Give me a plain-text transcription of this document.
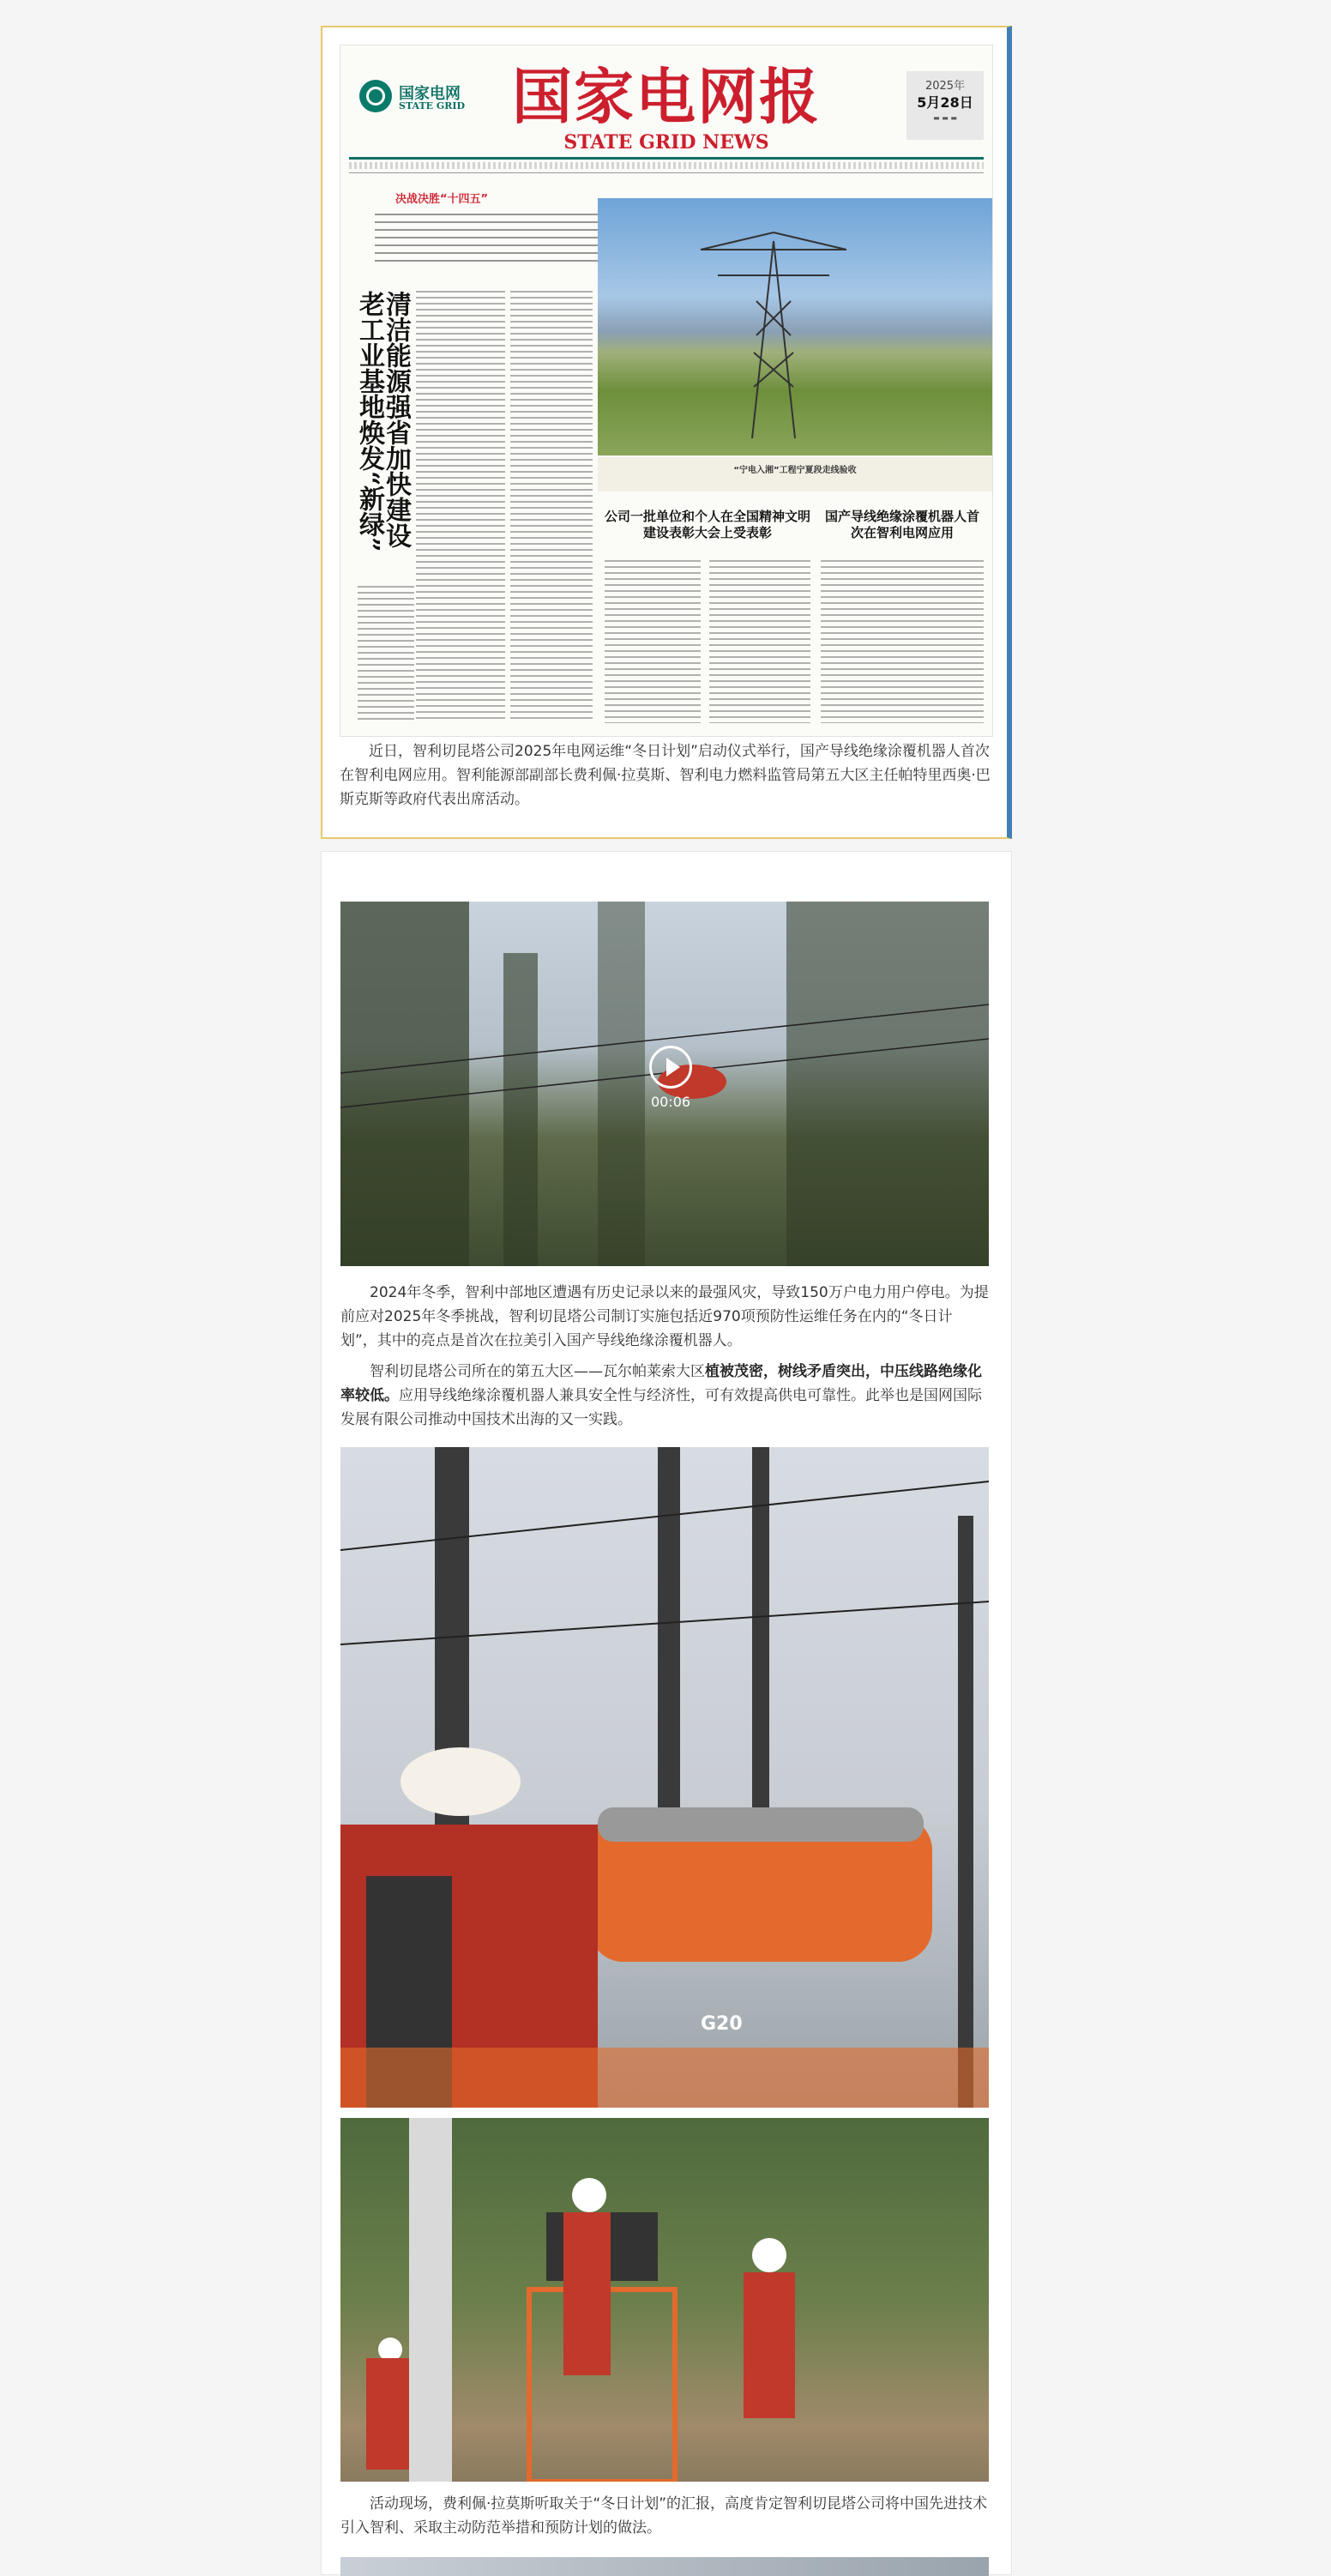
国家电网
STATE GRID 国家电网报
STATE GRID NEWS
2025年
5月28日
▬ ▬ ▬
决战决胜“十四五”
清洁能源强省加快建设 老工业基地焕发“新绿”	“宁电入湘”工程宁夏段走线验收
公司一批单位和个人在全国精神文明建设表彰大会上受表彰
国产导线绝缘涂覆机器人首次在智利电网应用
近日，智利切昆塔公司2025年电网运维“冬日计划”启动仪式举行，国产导线绝缘涂覆机器人首次在智利电网应用。智利能源部副部长费利佩·拉莫斯、智利电力燃料监管局第五大区主任帕特里西奥·巴斯克斯等政府代表出席活动。
00:06
2024年冬季，智利中部地区遭遇有历史记录以来的最强风灾，导致150万户电力用户停电。为提前应对2025年冬季挑战，智利切昆塔公司制订实施包括近970项预防性运维任务在内的“冬日计划”，其中的亮点是首次在拉美引入国产导线绝缘涂覆机器人。
智利切昆塔公司所在的第五大区——瓦尔帕莱索大区植被茂密，树线矛盾突出，中压线路绝缘化率较低。应用导线绝缘涂覆机器人兼具安全性与经济性，可有效提高供电可靠性。此举也是国网国际发展有限公司推动中国技术出海的又一实践。
G20
活动现场，费利佩·拉莫斯听取关于“冬日计划”的汇报，高度肯定智利切昆塔公司将中国先进技术引入智利、采取主动防范举措和预防计划的做法。
